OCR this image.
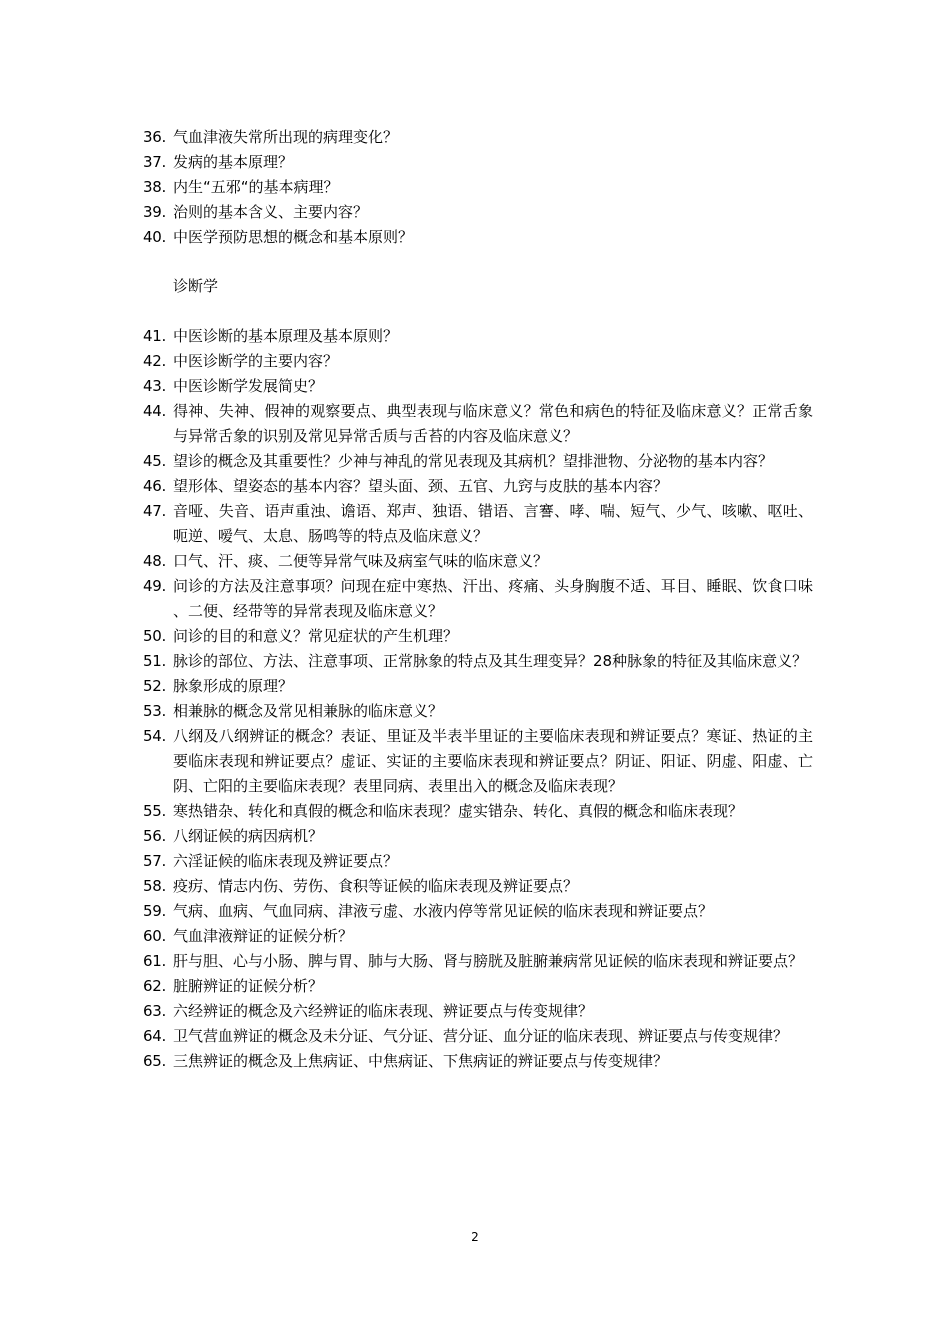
36. 气血津液失常所出现的病理变化？
37. 发病的基本原理？
38. 内生“五邪“的基本病理？
39. 治则的基本含义、主要内容？
40. 中医学预防思想的概念和基本原则？
诊断学
41. 中医诊断的基本原理及基本原则？
42. 中医诊断学的主要内容？
43. 中医诊断学发展简史？
44. 得神、失神、假神的观察要点、典型表现与临床意义？常色和病色的特征及临床意义？正常舌象与异常舌象的识别及常见异常舌质与舌苔的内容及临床意义？
45. 望诊的概念及其重要性？少神与神乱的常见表现及其病机？望排泄物、分泌物的基本内容？
46. 望形体、望姿态的基本内容？望头面、颈、五官、九窍与皮肤的基本内容？
47. 音哑、失音、语声重浊、谵语、郑声、独语、错语、言謇、哮、喘、短气、少气、咳嗽、呕吐、呃逆、嗳气、太息、肠鸣等的特点及临床意义？
48. 口气、汗、痰、二便等异常气味及病室气味的临床意义？
49. 问诊的方法及注意事项？问现在症中寒热、汗出、疼痛、头身胸腹不适、耳目、睡眠、饮食口味、二便、经带等的异常表现及临床意义？
50. 问诊的目的和意义？常见症状的产生机理？
51. 脉诊的部位、方法、注意事项、正常脉象的特点及其生理变异？28种脉象的特征及其临床意义？
52. 脉象形成的原理？
53. 相兼脉的概念及常见相兼脉的临床意义？
54. 八纲及八纲辨证的概念？表证、里证及半表半里证的主要临床表现和辨证要点？寒证、热证的主要临床表现和辨证要点？虚证、实证的主要临床表现和辨证要点？阴证、阳证、阴虚、阳虚、亡阴、亡阳的主要临床表现？表里同病、表里出入的概念及临床表现？
55. 寒热错杂、转化和真假的概念和临床表现？虚实错杂、转化、真假的概念和临床表现？
56. 八纲证候的病因病机？
57. 六淫证候的临床表现及辨证要点？
58. 疫疠、情志内伤、劳伤、食积等证候的临床表现及辨证要点？
59. 气病、血病、气血同病、津液亏虚、水液内停等常见证候的临床表现和辨证要点？
60. 气血津液辩证的证候分析？
61. 肝与胆、心与小肠、脾与胃、肺与大肠、肾与膀胱及脏腑兼病常见证候的临床表现和辨证要点？
62. 脏腑辨证的证候分析？
63. 六经辨证的概念及六经辨证的临床表现、辨证要点与传变规律？
64. 卫气营血辨证的概念及未分证、气分证、营分证、血分证的临床表现、辨证要点与传变规律？
65. 三焦辨证的概念及上焦病证、中焦病证、下焦病证的辨证要点与传变规律？
2
